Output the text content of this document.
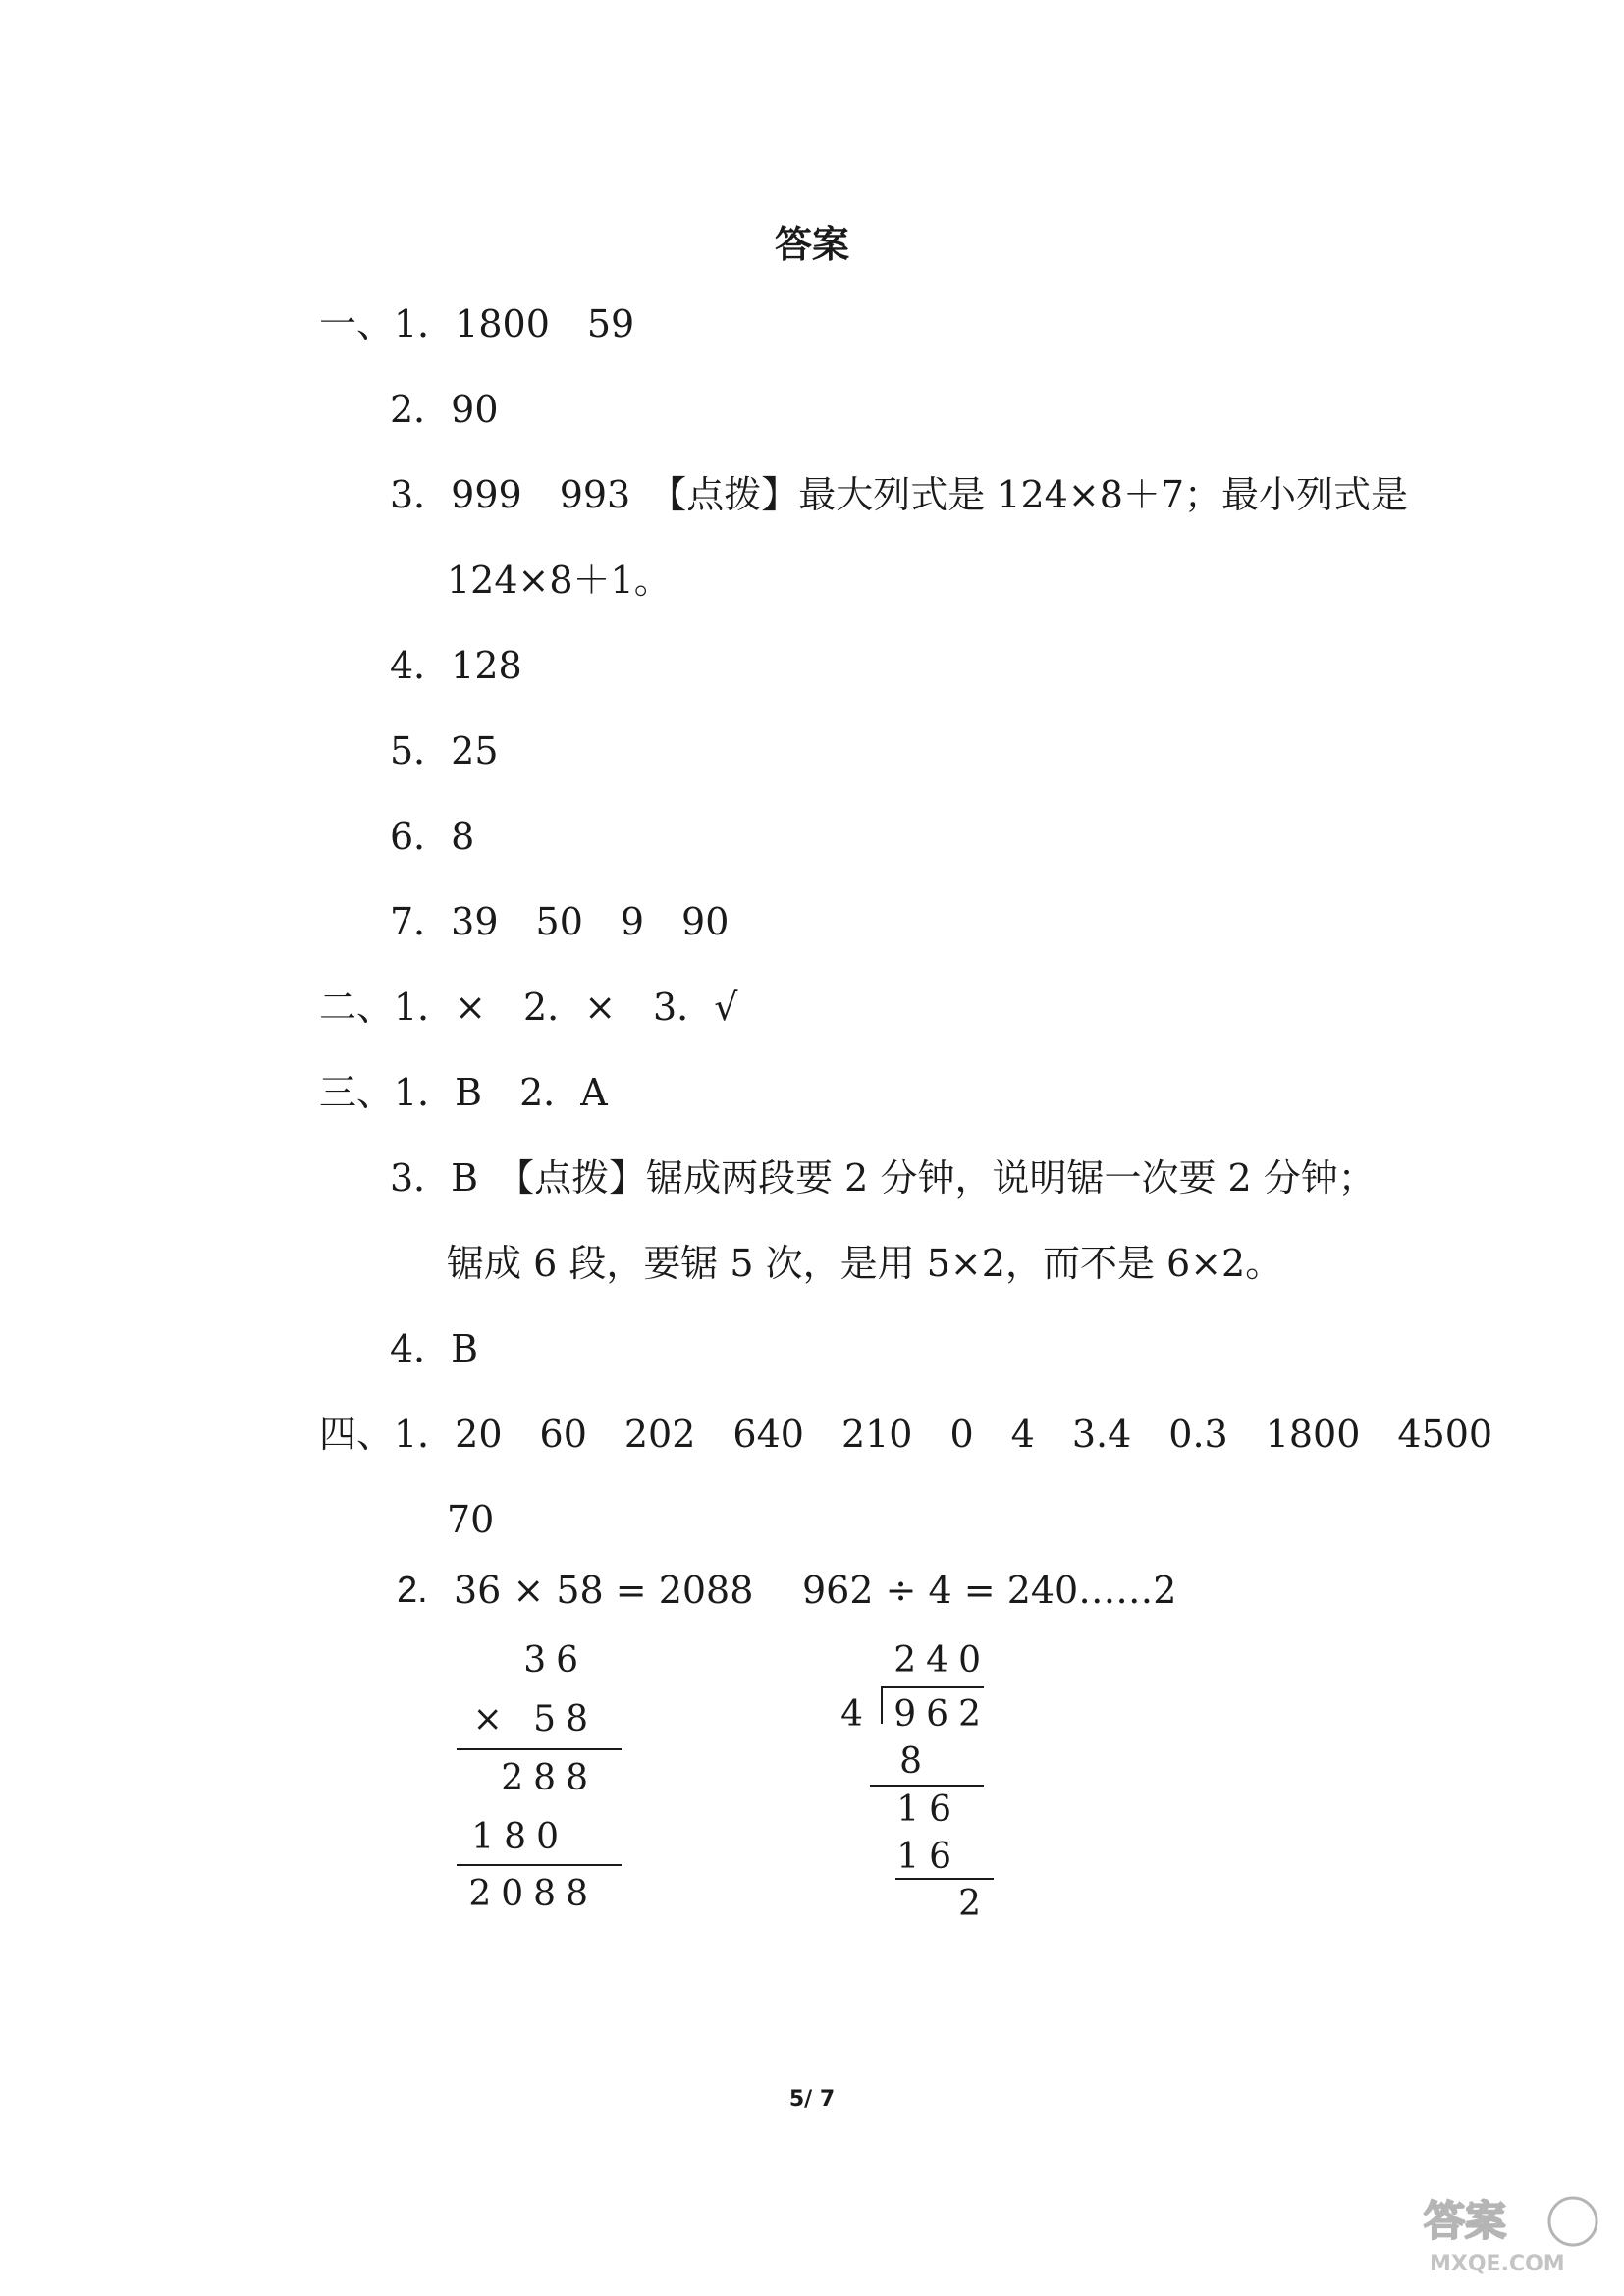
答案
一、1．1800　59
2．90
3．999　993　【点拨】最大列式是 124×8＋7；最小列式是
124×8＋1。
4．128
5．25
6．8
7．39　50　9　90
二、1．×　2．×　3．√
三、1．B　2．A
3．B　【点拨】锯成两段要 2 分钟，说明锯一次要 2 分钟；
锯成 6 段，要锯 5 次，是用 5×2，而不是 6×2。
4．B
四、1．20　60　202　640　210　0　4　3.4　0.3　1800　4500
70
2. 36 × 58 = 2088 962 ÷ 4 = 240……2
36
× 58
288
180
2088
240
4 962
8
16
16
2
5/ 7
答案
MXQE.COM
